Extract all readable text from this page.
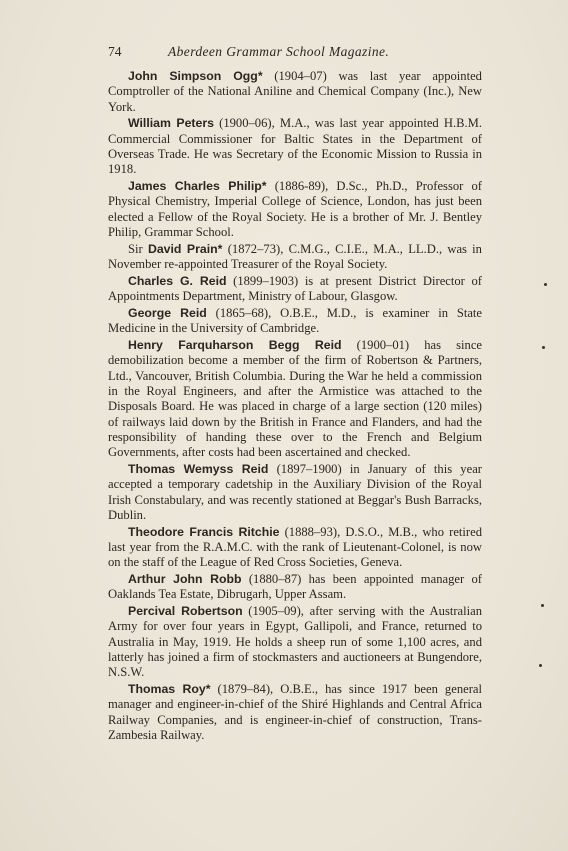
74	Aberdeen Grammar School Magazine.

John Simpson Ogg* (1904–07) was last year appointed Comptroller of the National Aniline and Chemical Company (Inc.), New York.

William Peters (1900–06), M.A., was last year appointed H.B.M. Commercial Commissioner for Baltic States in the Department of Overseas Trade. He was Secretary of the Economic Mission to Russia in 1918.

James Charles Philip* (1886-89), D.Sc., Ph.D., Professor of Physical Chemistry, Imperial College of Science, London, has just been elected a Fellow of the Royal Society. He is a brother of Mr. J. Bentley Philip, Grammar School.

Sir David Prain* (1872–73), C.M.G., C.I.E., M.A., LL.D., was in November re-appointed Treasurer of the Royal Society.

Charles G. Reid (1899–1903) is at present District Director of Appointments Department, Ministry of Labour, Glasgow.

George Reid (1865–68), O.B.E., M.D., is examiner in State Medicine in the University of Cambridge.

Henry Farquharson Begg Reid (1900–01) has since demobilization become a member of the firm of Robertson & Partners, Ltd., Vancouver, British Columbia. During the War he held a commission in the Royal Engineers, and after the Armistice was attached to the Disposals Board. He was placed in charge of a large section (120 miles) of railways laid down by the British in France and Flanders, and had the responsibility of handing these over to the French and Belgium Governments, after costs had been ascertained and checked.

Thomas Wemyss Reid (1897–1900) in January of this year accepted a temporary cadetship in the Auxiliary Division of the Royal Irish Constabulary, and was recently stationed at Beggar's Bush Barracks, Dublin.

Theodore Francis Ritchie (1888–93), D.S.O., M.B., who retired last year from the R.A.M.C. with the rank of Lieutenant-Colonel, is now on the staff of the League of Red Cross Societies, Geneva.

Arthur John Robb (1880–87) has been appointed manager of Oaklands Tea Estate, Dibrugarh, Upper Assam.

Percival Robertson (1905–09), after serving with the Australian Army for over four years in Egypt, Gallipoli, and France, returned to Australia in May, 1919. He holds a sheep run of some 1,100 acres, and latterly has joined a firm of stockmasters and auctioneers at Bungendore, N.S.W.

Thomas Roy* (1879–84), O.B.E., has since 1917 been general manager and engineer-in-chief of the Shiré Highlands and Central Africa Railway Companies, and is engineer-in-chief of construction, Trans-Zambesia Railway.
